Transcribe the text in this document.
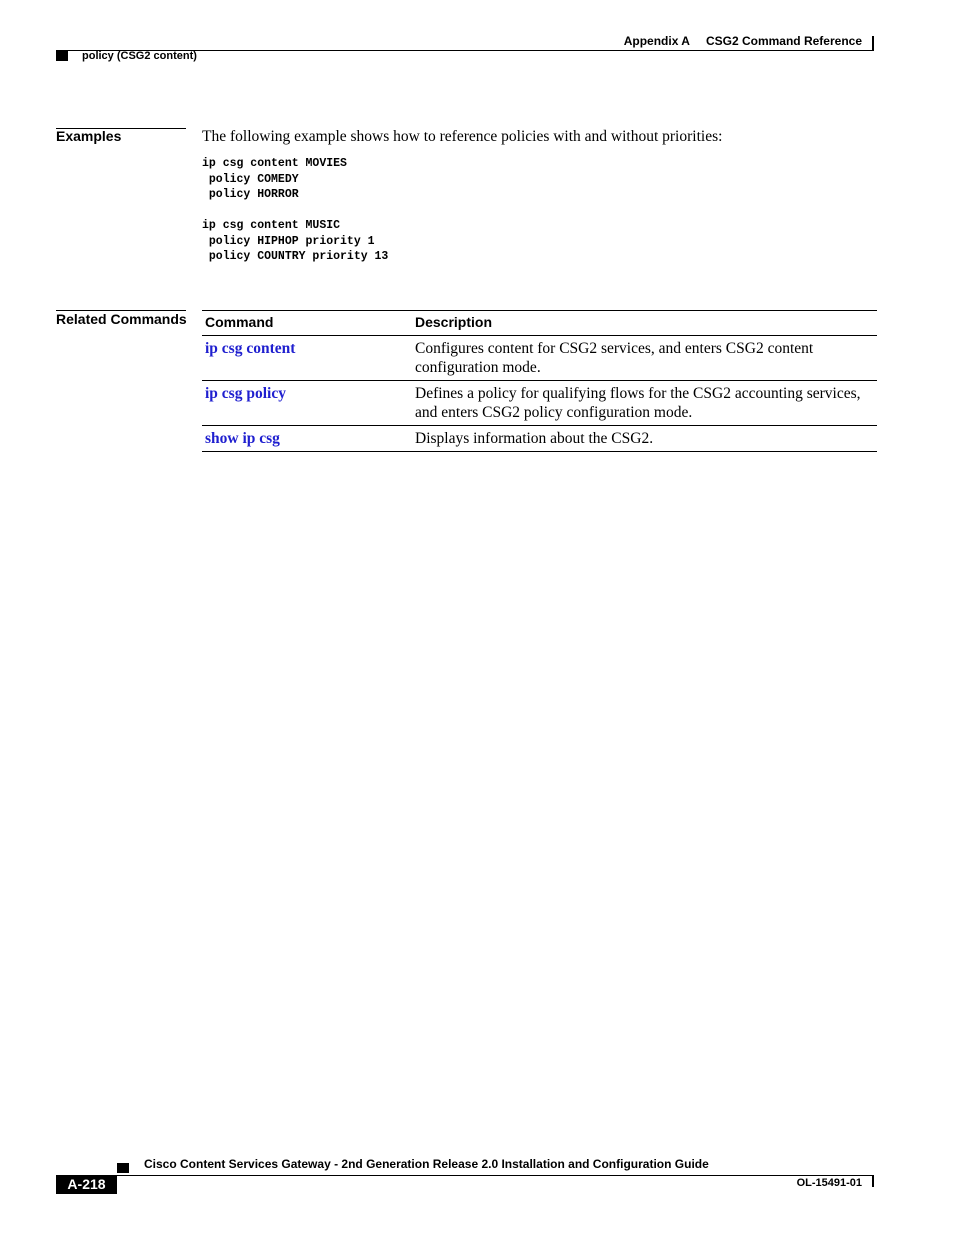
Appendix A CSG2 Command Reference
policy (CSG2 content)
Examples	The following example shows how to reference policies with and without priorities:
ip csg content MOVIES
policy COMEDY
policy HORROR

ip csg content MUSIC
policy HIPHOP priority 1
policy COUNTRY priority 13
Related Commands Command	Description
ip csg content	Configures content for CSG2 services, and enters CSG2 content configuration mode.
ip csg policy	Defines a policy for qualifying flows for the CSG2 accounting services, and enters CSG2 policy configuration mode.
show ip csg	Displays information about the CSG2.
Cisco Content Services Gateway - 2nd Generation Release 2.0 Installation and Configuration Guide
A-218	OL-15491-01
